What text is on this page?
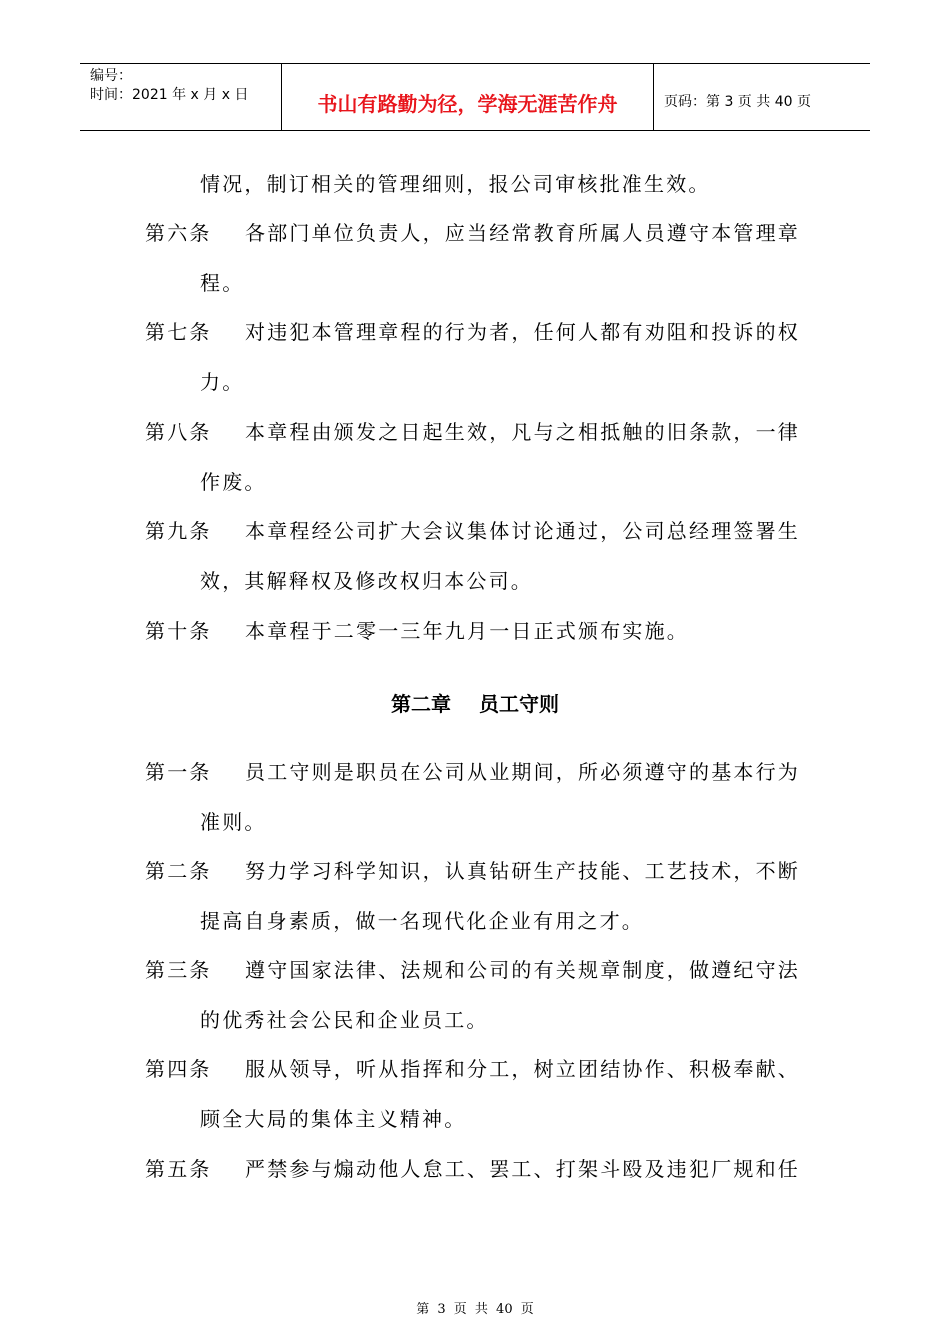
编号：
时间：2021 年 x 月 x 日	书山有路勤为径，学海无涯苦作舟	页码：第 3 页 共 40 页
情况，制订相关的管理细则，报公司审核批准生效。
第六条 各部门单位负责人，应当经常教育所属人员遵守本管理章
程。
第七条 对违犯本管理章程的行为者，任何人都有劝阻和投诉的权
力。
第八条 本章程由颁发之日起生效，凡与之相抵触的旧条款，一律
作废。
第九条 本章程经公司扩大会议集体讨论通过，公司总经理签署生
效，其解释权及修改权归本公司。
第十条 本章程于二零一三年九月一日正式颁布实施。
第二章 员工守则
第一条 员工守则是职员在公司从业期间，所必须遵守的基本行为
准则。
第二条 努力学习科学知识，认真钻研生产技能、工艺技术，不断
提高自身素质，做一名现代化企业有用之才。
第三条 遵守国家法律、法规和公司的有关规章制度，做遵纪守法
的优秀社会公民和企业员工。
第四条 服从领导，听从指挥和分工，树立团结协作、积极奉献、
顾全大局的集体主义精神。
第五条 严禁参与煽动他人怠工、罢工、打架斗殴及违犯厂规和任
第 3 页 共 40 页
